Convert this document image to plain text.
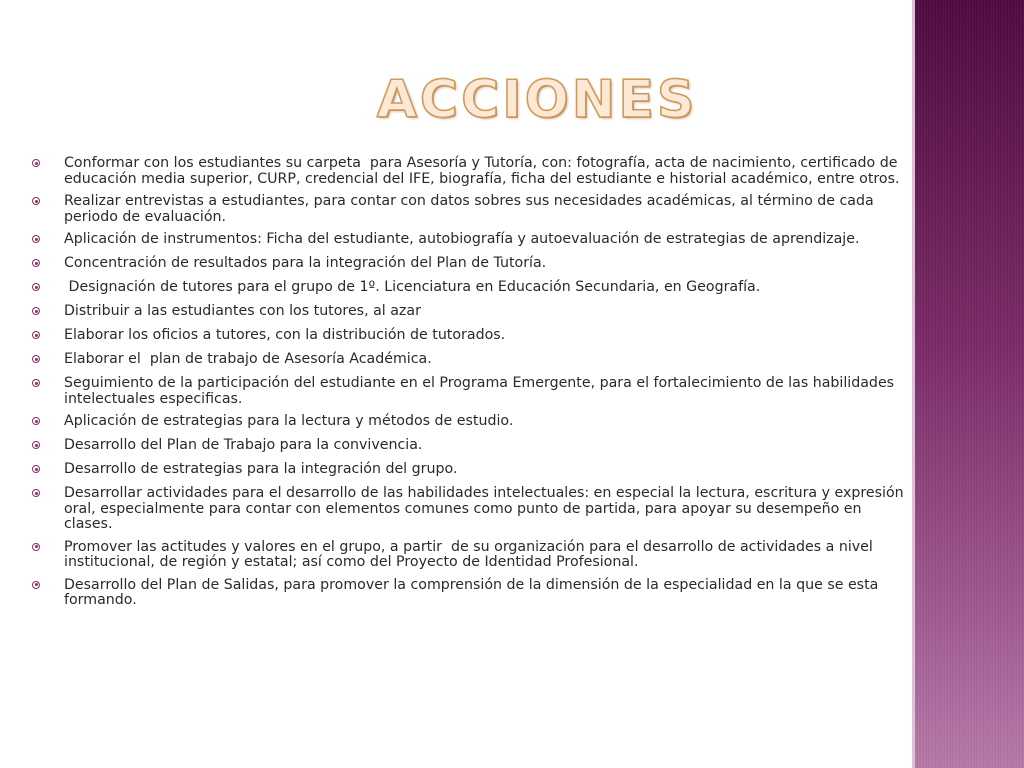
ACCIONES
Conformar con los estudiantes su carpeta  para Asesoría y Tutoría, con: fotografía, acta de nacimiento, certificado de educación media superior, CURP, credencial del IFE, biografía, ficha del estudiante e historial académico, entre otros.
Realizar entrevistas a estudiantes, para contar con datos sobres sus necesidades académicas, al término de cada periodo de evaluación.
Aplicación de instrumentos: Ficha del estudiante, autobiografía y autoevaluación de estrategias de aprendizaje.
Concentración de resultados para la integración del Plan de Tutoría.
Designación de tutores para el grupo de 1º. Licenciatura en Educación Secundaria, en Geografía.
Distribuir a las estudiantes con los tutores, al azar
Elaborar los oficios a tutores, con la distribución de tutorados.
Elaborar el  plan de trabajo de Asesoría Académica.
Seguimiento de la participación del estudiante en el Programa Emergente, para el fortalecimiento de las habilidades intelectuales especificas.
Aplicación de estrategias para la lectura y métodos de estudio.
Desarrollo del Plan de Trabajo para la convivencia.
Desarrollo de estrategias para la integración del grupo.
Desarrollar actividades para el desarrollo de las habilidades intelectuales: en especial la lectura, escritura y expresión oral, especialmente para contar con elementos comunes como punto de partida, para apoyar su desempeño en clases.
Promover las actitudes y valores en el grupo, a partir  de su organización para el desarrollo de actividades a nivel institucional, de región y estatal; así como del Proyecto de Identidad Profesional.
Desarrollo del Plan de Salidas, para promover la comprensión de la dimensión de la especialidad en la que se esta formando.
